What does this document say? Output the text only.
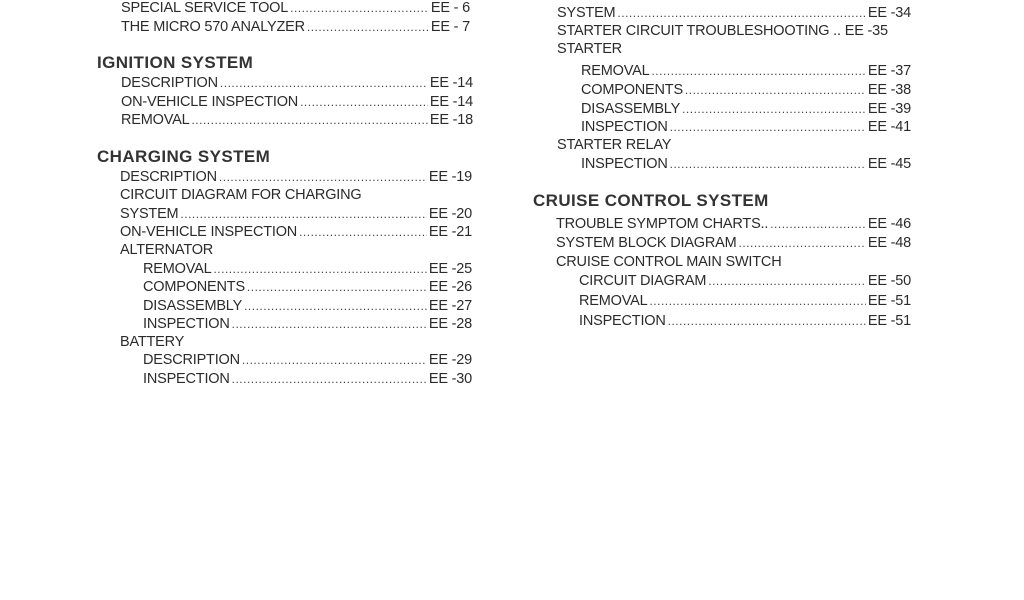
SPECIAL SERVICE TOOL .....	EE - 6
THE MICRO 570 ANALYZER .....	EE - 7
IGNITION SYSTEM
DESCRIPTION .....	EE -14
ON-VEHICLE INSPECTION .....	EE -14
REMOVAL .....	EE -18
CHARGING SYSTEM
DESCRIPTION .....	EE -19
CIRCUIT DIAGRAM FOR CHARGING
SYSTEM .....	EE -20
ON-VEHICLE INSPECTION .....	EE -21
ALTERNATOR
REMOVAL .....	EE -25
COMPONENTS .....	EE -26
DISASSEMBLY .....	EE -27
INSPECTION .....	EE -28
BATTERY
DESCRIPTION .....	EE -29
INSPECTION .....	EE -30
SYSTEM .....	EE -34
STARTER CIRCUIT TROUBLESHOOTING .. EE -35
STARTER
REMOVAL .....	EE -37
COMPONENTS .....	EE -38
DISASSEMBLY .....	EE -39
INSPECTION .....	EE -41
STARTER RELAY
INSPECTION .....	EE -45
CRUISE CONTROL SYSTEM
TROUBLE SYMPTOM CHARTS.. .....	EE -46
SYSTEM BLOCK DIAGRAM .....	EE -48
CRUISE CONTROL MAIN SWITCH
CIRCUIT DIAGRAM .....	EE -50
REMOVAL .....	EE -51
INSPECTION .....	EE -51
